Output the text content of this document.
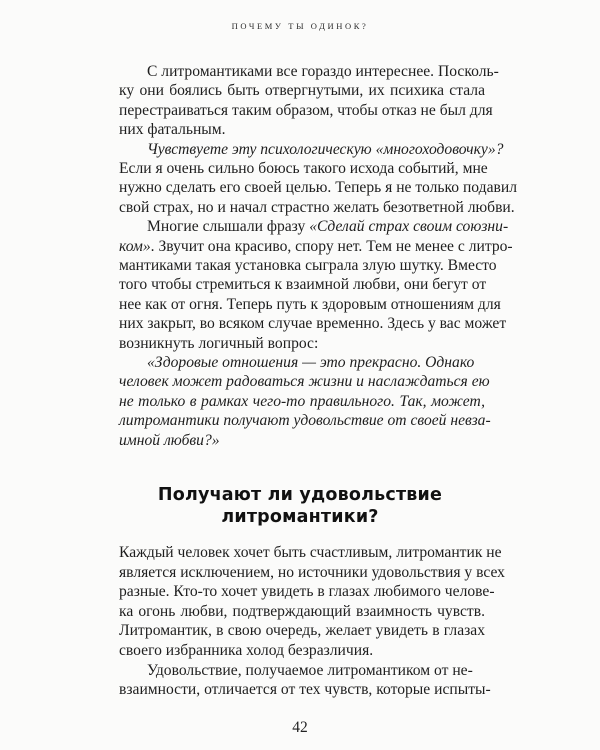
ПОЧЕМУ ТЫ ОДИНОК?
С литромантиками все гораздо интереснее. Посколь-
ку они боялись быть отвергнутыми, их психика стала
перестраиваться таким образом, чтобы отказ не был для
них фатальным.
Чувствуете эту психологическую «многоходовочку»?
Если я очень сильно боюсь такого исхода событий, мне
нужно сделать его своей целью. Теперь я не только подавил
свой страх, но и начал страстно желать безответной любви.
Многие слышали фразу «Сделай страх своим союзни-
ком». Звучит она красиво, спору нет. Тем не менее с литро-
мантиками такая установка сыграла злую шутку. Вместо
того чтобы стремиться к взаимной любви, они бегут от
нее как от огня. Теперь путь к здоровым отношениям для
них закрыт, во всяком случае временно. Здесь у вас может
возникнуть логичный вопрос:
«Здоровые отношения — это прекрасно. Однако
человек может радоваться жизни и наслаждаться ею
не только в рамках чего-то правильного. Так, может,
литромантики получают удовольствие от своей невза-
имной любви?»
Получают ли удовольствие
литромантики?
Каждый человек хочет быть счастливым, литромантик не
является исключением, но источники удовольствия у всех
разные. Кто-то хочет увидеть в глазах любимого челове-
ка огонь любви, подтверждающий взаимность чувств.
Литромантик, в свою очередь, желает увидеть в глазах
своего избранника холод безразличия.
Удовольствие, получаемое литромантиком от не-
взаимности, отличается от тех чувств, которые испыты-
42
